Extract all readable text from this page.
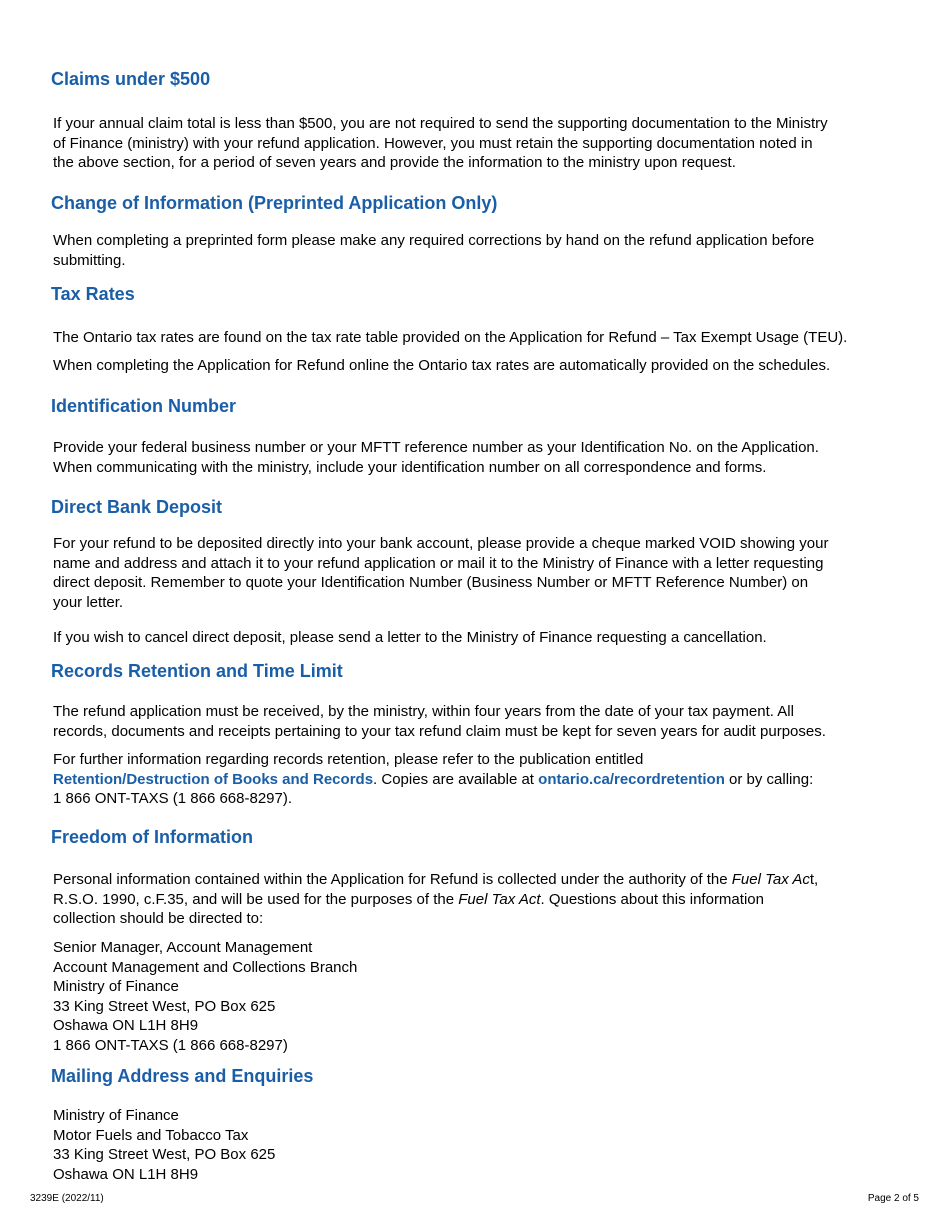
Claims under $500
If your annual claim total is less than $500, you are not required to send the supporting documentation to the Ministry
of Finance (ministry) with your refund application. However, you must retain the supporting documentation noted in
the above section, for a period of seven years and provide the information to the ministry upon request.
Change of Information (Preprinted Application Only)
When completing a preprinted form please make any required corrections by hand on the refund application before
submitting.
Tax Rates
The Ontario tax rates are found on the tax rate table provided on the Application for Refund – Tax Exempt Usage (TEU).
When completing the Application for Refund online the Ontario tax rates are automatically provided on the schedules.
Identification Number
Provide your federal business number or your MFTT reference number as your Identification No. on the Application.
When communicating with the ministry, include your identification number on all correspondence and forms.
Direct Bank Deposit
For your refund to be deposited directly into your bank account, please provide a cheque marked VOID showing your
name and address and attach it to your refund application or mail it to the Ministry of Finance with a letter requesting
direct deposit. Remember to quote your Identification Number (Business Number or MFTT Reference Number) on
your letter.
If you wish to cancel direct deposit, please send a letter to the Ministry of Finance requesting a cancellation.
Records Retention and Time Limit
The refund application must be received, by the ministry, within four years from the date of your tax payment. All
records, documents and receipts pertaining to your tax refund claim must be kept for seven years for audit purposes.
For further information regarding records retention, please refer to the publication entitled
Retention/Destruction of Books and Records. Copies are available at ontario.ca/recordretention or by calling:
1 866 ONT-TAXS (1 866 668-8297).
Freedom of Information
Personal information contained within the Application for Refund is collected under the authority of the Fuel Tax Act,
R.S.O. 1990, c.F.35, and will be used for the purposes of the Fuel Tax Act. Questions about this information
collection should be directed to:
Senior Manager, Account Management
Account Management and Collections Branch
Ministry of Finance
33 King Street West, PO Box 625
Oshawa ON L1H 8H9
1 866 ONT-TAXS (1 866 668-8297)
Mailing Address and Enquiries
Ministry of Finance
Motor Fuels and Tobacco Tax
33 King Street West, PO Box 625
Oshawa ON L1H 8H9
3239E (2022/11)	Page 2 of 5
